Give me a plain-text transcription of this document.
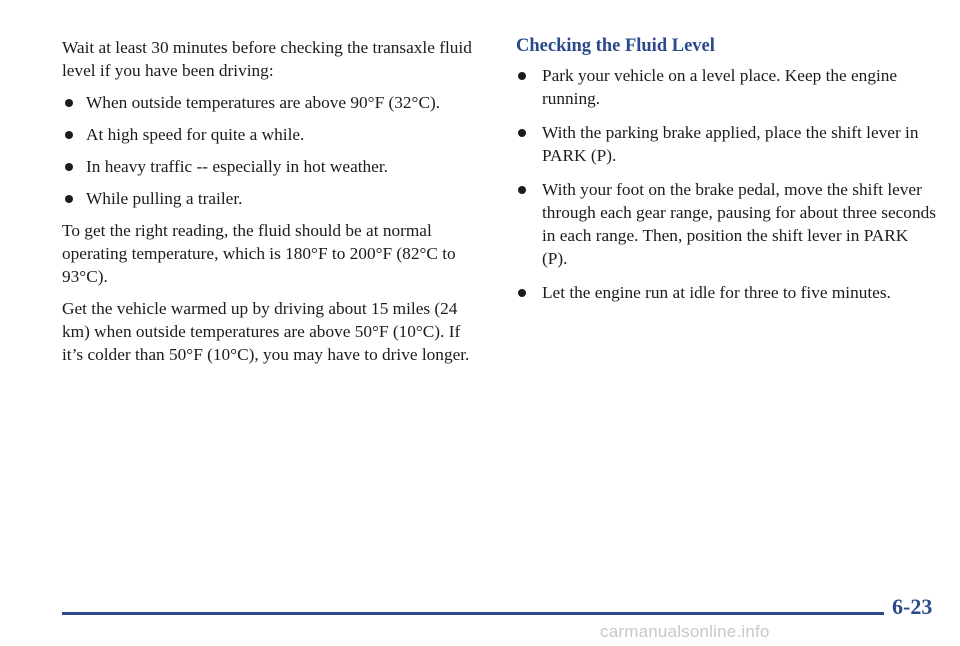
Wait at least 30 minutes before checking the transaxle fluid level if you have been driving:

When outside temperatures are above 90°F (32°C).
At high speed for quite a while.
In heavy traffic -- especially in hot weather.
While pulling a trailer.

To get the right reading, the fluid should be at normal operating temperature, which is 180°F to 200°F (82°C to 93°C).

Get the vehicle warmed up by driving about 15 miles (24 km) when outside temperatures are above 50°F (10°C). If it’s colder than 50°F (10°C), you may have to drive longer.

Checking the Fluid Level
Park your vehicle on a level place. Keep the engine running.
With the parking brake applied, place the shift lever in PARK (P).
With your foot on the brake pedal, move the shift lever through each gear range, pausing for about three seconds in each range. Then, position the shift lever in PARK (P).
Let the engine run at idle for three to five minutes.
6-23
carmanualsonline.info
